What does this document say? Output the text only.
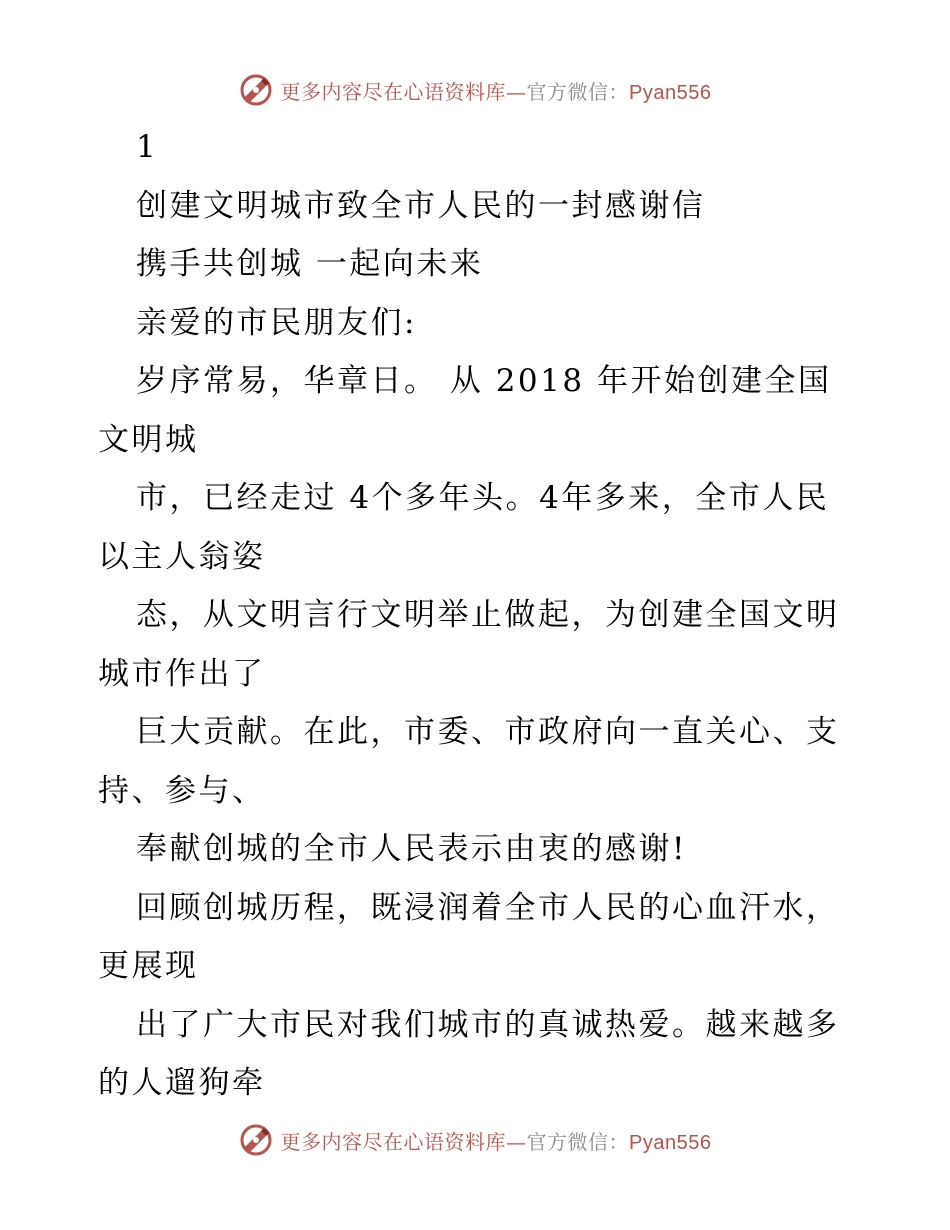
更多内容尽在心语资料库—官方微信：Pyan556
1
创建文明城市致全市人民的一封感谢信
携手共创城 一起向未来
亲爱的市民朋友们:
岁序常易，华章日。 从 2018 年开始创建全国
文明城
市，已经走过 4个多年头。4年多来，全市人民
以主人翁姿
态，从文明言行文明举止做起，为创建全国文明
城市作出了
巨大贡献。在此，市委、市政府向一直关心、支
持、参与、
奉献创城的全市人民表示由衷的感谢!
回顾创城历程，既浸润着全市人民的心血汗水，
更展现
出了广大市民对我们城市的真诚热爱。越来越多
的人遛狗牵
更多内容尽在心语资料库—官方微信：Pyan556
